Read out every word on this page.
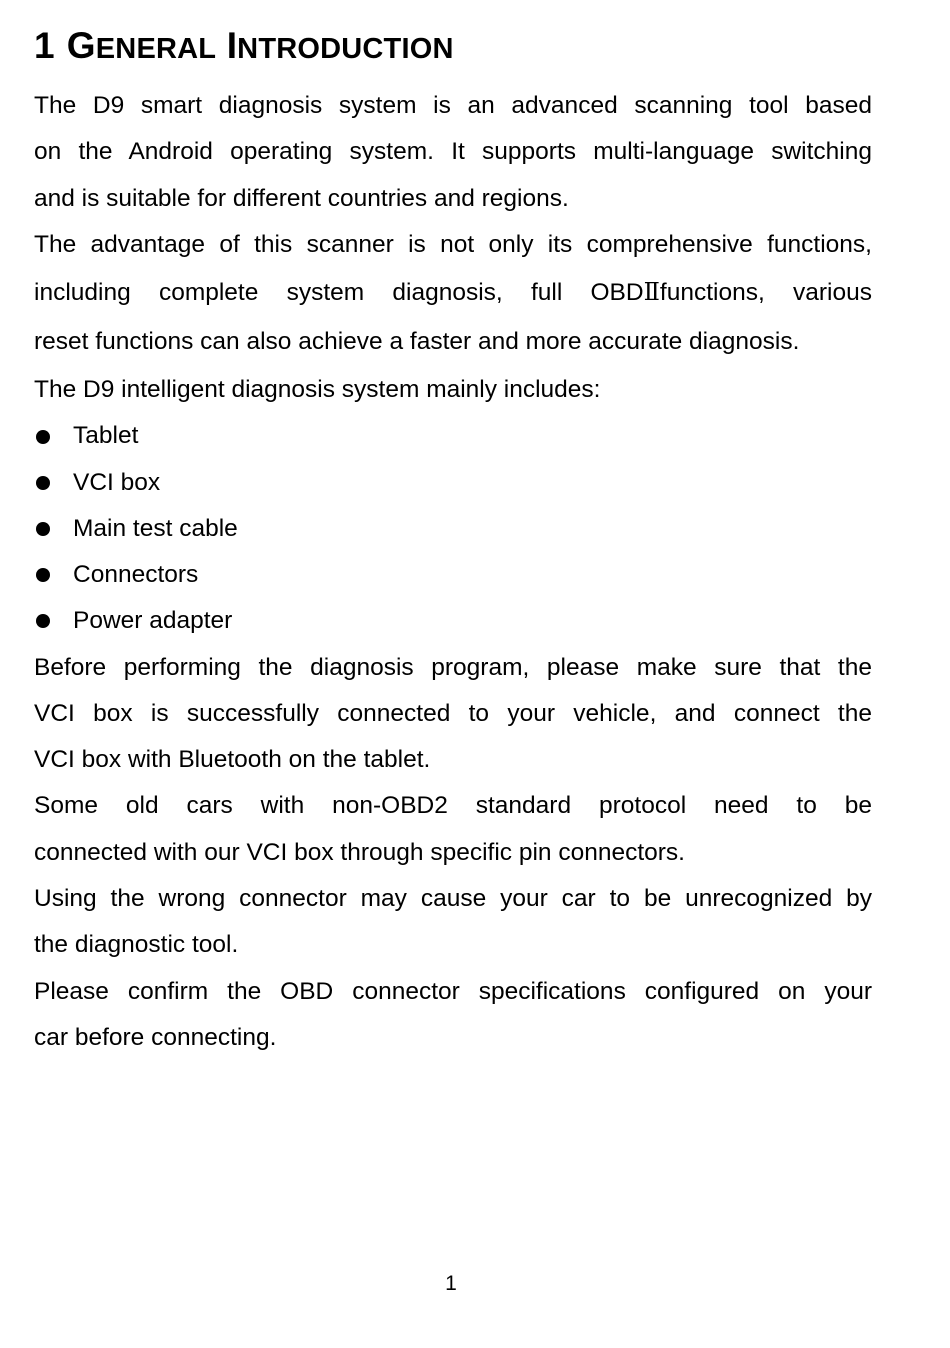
1 GENERAL INTRODUCTION
The D9 smart diagnosis system is an advanced scanning tool based
on the Android operating system. It supports multi-language switching
and is suitable for different countries and regions.
The advantage of this scanner is not only its comprehensive functions,
including complete system diagnosis, full OBDⅡfunctions, various
reset functions can also achieve a faster and more accurate diagnosis.
The D9 intelligent diagnosis system mainly includes:
Tablet
VCI box
Main test cable
Connectors
Power adapter
Before performing the diagnosis program, please make sure that the
VCI box is successfully connected to your vehicle, and connect the
VCI box with Bluetooth on the tablet.
Some old cars with non-OBD2 standard protocol need to be
connected with our VCI box through specific pin connectors.
Using the wrong connector may cause your car to be unrecognized by
the diagnostic tool.
Please confirm the OBD connector specifications configured on your
car before connecting.
1
